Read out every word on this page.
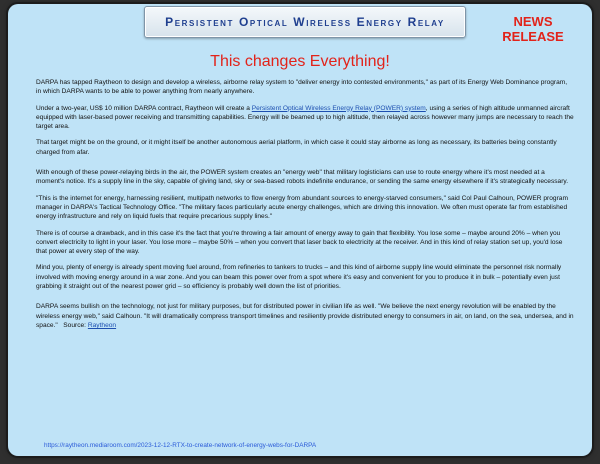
Persistent Optical Wireless Energy Relay	NEWS
RELEASE
This changes Everything!

DARPA has tapped Raytheon to design and develop a wireless, airborne relay system to "deliver energy into contested environments," as part of its Energy Web Dominance program, in which DARPA wants to be able to power anything from nearly anywhere.

Under a two-year, US$ 10 million DARPA contract, Raytheon will create a Persistent Optical Wireless Energy Relay (POWER) system, using a series of high altitude unmanned aircraft equipped with laser-based power receiving and transmitting capabilities. Energy will be beamed up to high altitude, then relayed across however many jumps are necessary to reach the target area.

That target might be on the ground, or it might itself be another autonomous aerial platform, in which case it could stay airborne as long as necessary, its batteries being constantly charged from afar.

With enough of these power-relaying birds in the air, the POWER system creates an "energy web" that military logisticians can use to route energy where it's most needed at a moment's notice. It's a supply line in the sky, capable of giving land, sky or sea-based robots indefinite endurance, or sending the same energy elsewhere if it's strategically necessary.

"This is the internet for energy, harnessing resilient, multipath networks to flow energy from abundant sources to energy-starved consumers," said Col Paul Calhoun, POWER program manager in DARPA's Tactical Technology Office. "The military faces particularly acute energy challenges, which are driving this innovation. We often must operate far from established energy infrastructure and rely on liquid fuels that require precarious supply lines."

There is of course a drawback, and in this case it's the fact that you're throwing a fair amount of energy away to gain that flexibility. You lose some – maybe around 20% – when you convert electricity to light in your laser. You lose more – maybe 50% – when you convert that laser back to electricity at the receiver. And in this kind of relay station set up, you'd lose that power at every step of the way.

Mind you, plenty of energy is already spent moving fuel around, from refineries to tankers to trucks – and this kind of airborne supply line would eliminate the personnel risk normally involved with moving energy around in a war zone. And you can beam this power over from a spot where it's easy and convenient for you to produce it in bulk – potentially even just grabbing it straight out of the nearest power grid – so efficiency is probably well down the list of priorities.

DARPA seems bullish on the technology, not just for military purposes, but for distributed power in civilian life as well. "We believe the next energy revolution will be enabled by the wireless energy web," said Calhoun. "It will dramatically compress transport timelines and resiliently provide distributed energy to consumers in air, on land, on the sea, undersea, and in space." Source: Raytheon

https://raytheon.mediaroom.com/2023-12-12-RTX-to-create-network-of-energy-webs-for-DARPA
